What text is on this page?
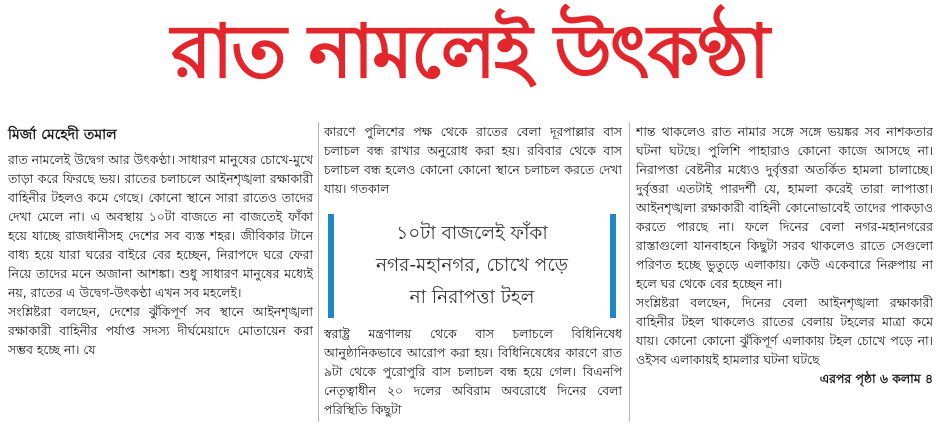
রাত নামলেই উৎকণ্ঠা
মির্জা মেহেদী তমাল

রাত নামলেই উদ্বেগ আর উৎকণ্ঠা। সাধারণ মানুষের চোখে-মুখে তাড়া করে ফিরছে ভয়। রাতের চলাচলে আইনশৃঙ্খলা রক্ষাকারী বাহিনীর টহলও কমে গেছে। কোনো স্থানে সারা রাতেও তাদের দেখা মেলে না। এ অবস্থায় ১০টা বাজতে না বাজতেই ফাঁকা হয়ে যাচ্ছে রাজধানীসহ দেশের সব ব্যস্ত শহর। জীবিকার টানে বাধ্য হয়ে যারা ঘরের বাইরে বের হচ্ছেন, নিরাপদে ঘরে ফেরা নিয়ে তাদের মনে অজানা আশঙ্কা। শুধু সাধারণ মানুষের মধ্যেই নয়, রাতের এ উদ্বেগ-উৎকণ্ঠা এখন সব মহলেই।

সংশ্লিষ্টরা বলছেন, দেশের ঝুঁকিপূর্ণ সব স্থানে আইনশৃঙ্খলা রক্ষাকারী বাহিনীর পর্যাপ্ত সদস্য দীর্ঘমেয়াদে মোতায়েন করা সম্ভব হচ্ছে না। যে

কারণে পুলিশের পক্ষ থেকে রাতের বেলা দূরপাল্লার বাস চলাচল বন্ধ রাখার অনুরোধ করা হয়। রবিবার থেকে বাস চলাচল বন্ধ হলেও কোনো কোনো স্থানে চলাচল করতে দেখা যায়। গতকাল

১০টা বাজলেই ফাঁকা
নগর-মহানগর, চোখে পড়ে
না নিরাপত্তা টহল

স্বরাষ্ট্র মন্ত্রণালয় থেকে বাস চলাচলে বিধিনিষেধ আনুষ্ঠানিকভাবে আরোপ করা হয়। বিধিনিষেধের কারণে রাত ৯টা থেকে পুরোপুরি বাস চলাচল বন্ধ হয়ে গেল। বিএনপি নেতৃত্বাধীন ২০ দলের অবিরাম অবরোধে দিনের বেলা পরিস্থিতি কিছুটা

শান্ত থাকলেও রাত নামার সঙ্গে সঙ্গে ভয়ঙ্কর সব নাশকতার ঘটনা ঘটছে। পুলিশি পাহারাও কোনো কাজে আসছে না। নিরাপত্তা বেষ্টনীর মধ্যেও দুর্বৃত্তরা অতর্কিত হামলা চালাচ্ছে। দুর্বৃত্তরা এতটাই পারদর্শী যে, হামলা করেই তারা লাপাত্তা। আইনশৃঙ্খলা রক্ষাকারী বাহিনী কোনোভাবেই তাদের পাকড়াও করতে পারছে না। ফলে দিনের বেলা নগর-মহানগরের রাস্তাগুলো যানবাহনে কিছুটা সরব থাকলেও রাতে সেগুলো পরিণত হচ্ছে ভুতুড়ে এলাকায়। কেউ একেবারে নিরুপায় না হলে ঘর থেকে বের হচ্ছেন না।

সংশ্লিষ্টরা বলছেন, দিনের বেলা আইনশৃঙ্খলা রক্ষাকারী বাহিনীর টহল থাকলেও রাতের বেলায় টহলের মাত্রা কমে যায়। কোনো কোনো ঝুঁকিপূর্ণ এলাকায় টহল চোখে পড়ে না। ওইসব এলাকায়ই হামলার ঘটনা ঘটছে

এরপর পৃষ্ঠা ৬ কলাম ৪
